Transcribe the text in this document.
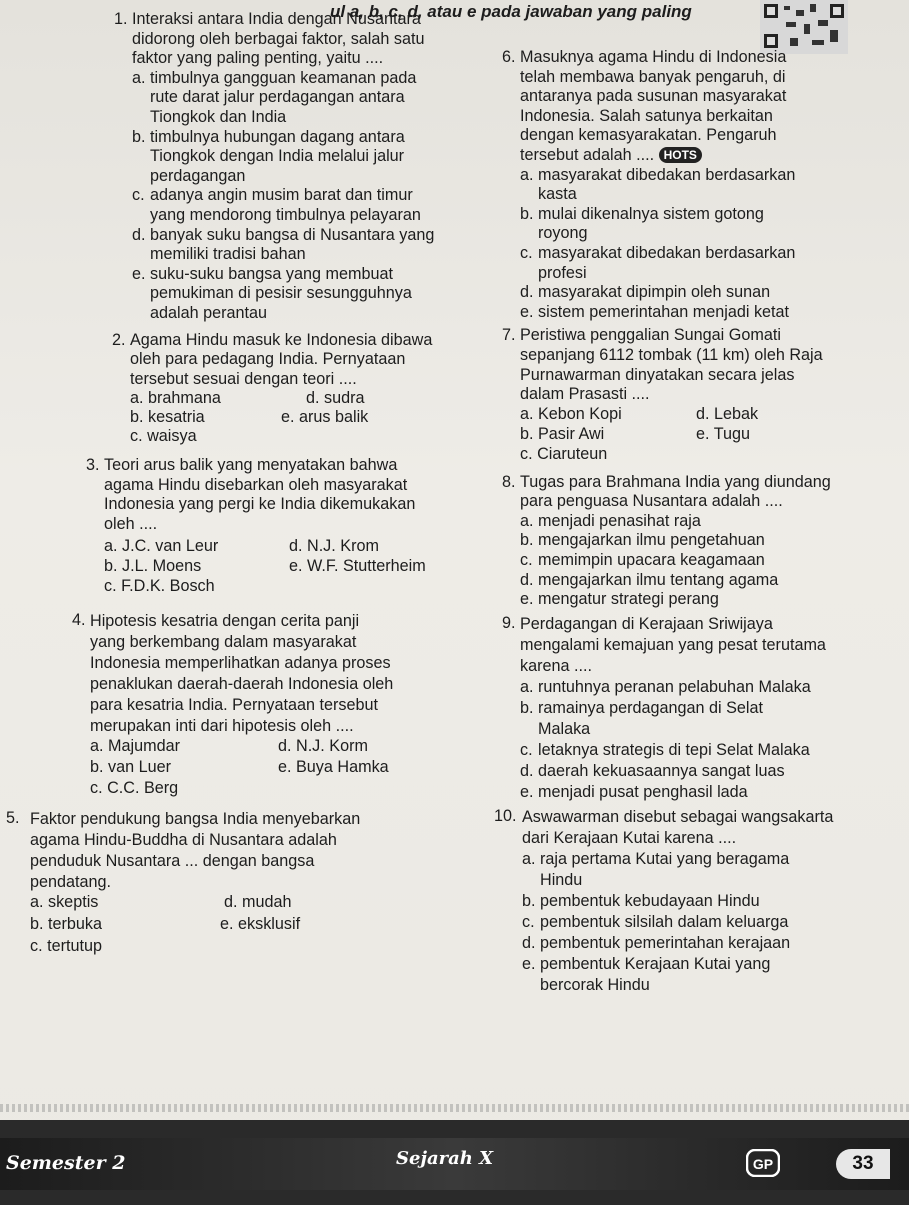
ul a, b, c, d, atau e pada jawaban yang paling
1. Interaksi antara India dengan Nusantara
didorong oleh berbagai faktor, salah satu
faktor yang paling penting, yaitu ....
a. timbulnya gangguan keamanan pada
rute darat jalur perdagangan antara
Tiongkok dan India
b. timbulnya hubungan dagang antara
Tiongkok dengan India melalui jalur
perdagangan
c. adanya angin musim barat dan timur
yang mendorong timbulnya pelayaran
d. banyak suku bangsa di Nusantara yang
memiliki tradisi bahan
e. suku-suku bangsa yang membuat
pemukiman di pesisir sesungguhnya
adalah perantau
2. Agama Hindu masuk ke Indonesia dibawa
oleh para pedagang India. Pernyataan
tersebut sesuai dengan teori ....
a. brahmana	d. sudra
b. kesatria	e. arus balik
c. waisya
3. Teori arus balik yang menyatakan bahwa
agama Hindu disebarkan oleh masyarakat
Indonesia yang pergi ke India dikemukakan
oleh ....
a. J.C. van Leur	d. N.J. Krom
b. J.L. Moens	e. W.F. Stutterheim
c. F.D.K. Bosch
4. Hipotesis kesatria dengan cerita panji
yang berkembang dalam masyarakat
Indonesia memperlihatkan adanya proses
penaklukan daerah-daerah Indonesia oleh
para kesatria India. Pernyataan tersebut
merupakan inti dari hipotesis oleh ....
a. Majumdar	d. N.J. Korm
b. van Luer	e. Buya Hamka
c. C.C. Berg
5. Faktor pendukung bangsa India menyebarkan
agama Hindu-Buddha di Nusantara adalah
penduduk Nusantara ... dengan bangsa
pendatang.
a. skeptis	d. mudah
b. terbuka	e. eksklusif
c. tertutup
6. Masuknya agama Hindu di Indonesia
telah membawa banyak pengaruh, di
antaranya pada susunan masyarakat
Indonesia. Salah satunya berkaitan
dengan kemasyarakatan. Pengaruh
tersebut adalah .... HOTS
a. masyarakat dibedakan berdasarkan
kasta
b. mulai dikenalnya sistem gotong
royong
c. masyarakat dibedakan berdasarkan
profesi
d. masyarakat dipimpin oleh sunan
e. sistem pemerintahan menjadi ketat
7. Peristiwa penggalian Sungai Gomati
sepanjang 6112 tombak (11 km) oleh Raja
Purnawarman dinyatakan secara jelas
dalam Prasasti ....
a. Kebon Kopi	d. Lebak
b. Pasir Awi	e. Tugu
c. Ciaruteun
8. Tugas para Brahmana India yang diundang
para penguasa Nusantara adalah ....
a. menjadi penasihat raja
b. mengajarkan ilmu pengetahuan
c. memimpin upacara keagamaan
d. mengajarkan ilmu tentang agama
e. mengatur strategi perang
9. Perdagangan di Kerajaan Sriwijaya
mengalami kemajuan yang pesat terutama
karena ....
a. runtuhnya peranan pelabuhan Malaka
b. ramainya perdagangan di Selat
Malaka
c. letaknya strategis di tepi Selat Malaka
d. daerah kekuasaannya sangat luas
e. menjadi pusat penghasil lada
10. Aswawarman disebut sebagai wangsakarta
dari Kerajaan Kutai karena ....
a. raja pertama Kutai yang beragama
Hindu
b. pembentuk kebudayaan Hindu
c. pembentuk silsilah dalam keluarga
d. pembentuk pemerintahan kerajaan
e. pembentuk Kerajaan Kutai yang
bercorak Hindu
Semester 2	Sejarah X	GP	33
